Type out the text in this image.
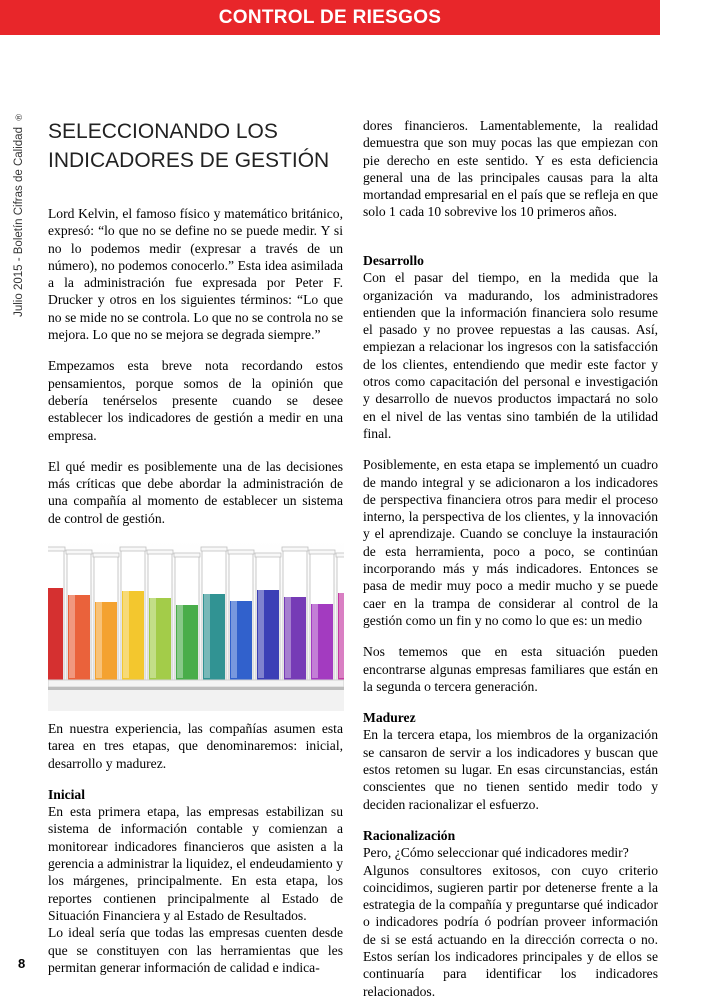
CONTROL DE RIESGOS
Julio 2015 - Boletín Cifras de Calidad  ®
8
SELECCIONANDO LOS
INDICADORES DE GESTIÓN

Lord Kelvin, el famoso físico y matemático británico, expresó: “lo que no se define no se puede medir. Y si no lo podemos medir (expresar a través de un número), no podemos conocerlo.” Esta idea asimilada a la administración fue expresada por Peter F. Drucker y otros en los siguientes términos: “Lo que no se mide no se controla. Lo que no se controla no se mejora. Lo que no se mejora se degrada siempre.”

Empezamos esta breve nota recordando estos pensamientos, porque somos de la opinión que debería tenérselos presente cuando se desee establecer los indicadores de gestión a medir en una empresa.

El qué medir es posiblemente una de las decisiones más críticas que debe abordar la administración de una compañía al momento de establecer un sistema de control de gestión.

En nuestra experiencia, las compañías asumen esta tarea en tres etapas, que denominaremos: inicial, desarrollo y madurez.

Inicial

En esta primera etapa, las empresas estabilizan su sistema de información contable y comienzan a monitorear indicadores financieros que asisten a la gerencia a administrar la liquidez, el endeudamiento y los márgenes, principalmente. En esta etapa, los reportes contienen principalmente al Estado de Situación Financiera y al Estado de Resultados.

Lo ideal sería que todas las empresas cuenten desde que se constituyen con las herramientas que les permitan generar información de calidad e indica-

dores financieros. Lamentablemente, la realidad demuestra que son muy pocas las que empiezan con pie derecho en este sentido. Y es esta deficiencia general una de las principales causas para la alta mortandad empresarial en el país que se refleja en que solo 1 cada 10 sobrevive los 10 primeros años.
Desarrollo

Con el pasar del tiempo, en la medida que la organización va madurando, los administradores entienden que la información financiera solo resume el pasado y no provee repuestas a las causas. Así, empiezan a relacionar los ingresos con la satisfacción de los clientes, entendiendo que medir este factor y otros como capacitación del personal e investigación y desarrollo de nuevos productos impactará no solo en el nivel de las ventas sino también de la utilidad final.

Posiblemente, en esta etapa se implementó un cuadro de mando integral y se adicionaron a los indicadores de perspectiva financiera otros para medir el proceso interno, la perspectiva de los clientes, y la innovación y el aprendizaje. Cuando se concluye la instauración de esta herramienta, poco a poco, se continúan incorporando más y más indicadores. Entonces se pasa de medir muy poco a medir mucho y se puede caer en la trampa de considerar al control de la gestión como un fin y no como lo que es: un medio

Nos tememos que en esta situación pueden encontrarse algunas empresas familiares que están en la segunda o tercera generación.

Madurez

En la tercera etapa, los miembros de la organización se cansaron de servir a los indicadores y buscan que estos retomen su lugar. En esas circunstancias, están conscientes que no tienen sentido medir todo y deciden racionalizar el esfuerzo.

Racionalización

Pero, ¿Cómo seleccionar qué indicadores medir?

Algunos consultores exitosos, con cuyo criterio coincidimos, sugieren partir por detenerse frente a la estrategia de la compañía y preguntarse qué indicador o indicadores podría ó podrían proveer información de si se está actuando en la dirección correcta o no. Estos serían los indicadores principales y de ellos se continuaría para identificar los indicadores relacionados.
